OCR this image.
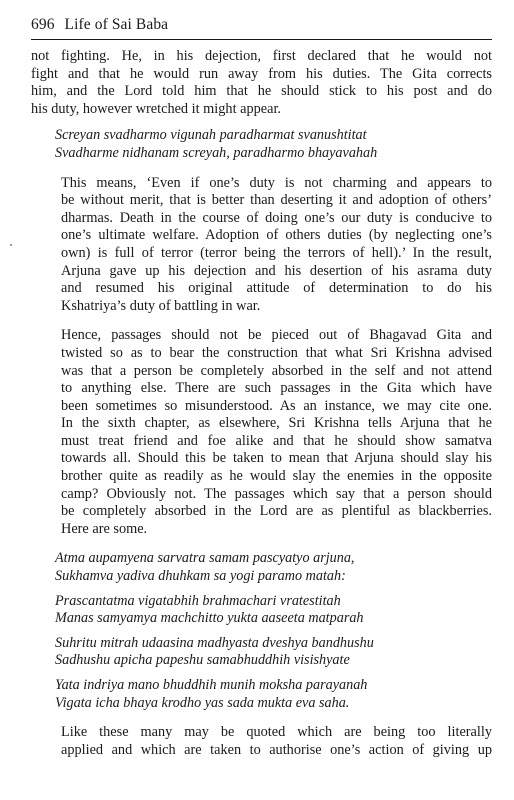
696 Life of Sai Baba

not fighting. He, in his dejection, first declared that he would not
fight and that he would run away from his duties. The Gita corrects
him, and the Lord told him that he should stick to his post and do
his duty, however wretched it might appear.

Screyan svadharmo vigunah paradharmat svanushtitat
Svadharme nidhanam screyah, paradharmo bhayavahah

This means, ‘Even if one’s duty is not charming and appears to
be without merit, that is better than deserting it and adoption of others’
dharmas. Death in the course of doing one’s our duty is conducive to
one’s ultimate welfare. Adoption of others duties (by neglecting one’s
own) is full of terror (terror being the terrors of hell).’ In the result,
Arjuna gave up his dejection and his desertion of his asrama duty
and resumed his original attitude of determination to do his
Kshatriya’s duty of battling in war.

Hence, passages should not be pieced out of Bhagavad Gita and
twisted so as to bear the construction that what Sri Krishna advised
was that a person be completely absorbed in the self and not attend
to anything else. There are such passages in the Gita which have
been sometimes so misunderstood. As an instance, we may cite one.
In the sixth chapter, as elsewhere, Sri Krishna tells Arjuna that he
must treat friend and foe alike and that he should show samatva
towards all. Should this be taken to mean that Arjuna should slay his
brother quite as readily as he would slay the enemies in the opposite
camp? Obviously not. The passages which say that a person should
be completely absorbed in the Lord are as plentiful as blackberries.
Here are some.

Atma aupamyena sarvatra samam pascyatyo arjuna,
Sukhamva yadiva dhuhkam sa yogi paramo matah:
Prascantatma vigatabhih brahmachari vratestitah
Manas samyamya machchitto yukta aaseeta matparah
Suhritu mitrah udaasina madhyasta dveshya bandhushu
Sadhushu apicha papeshu samabhuddhih visishyate
Yata indriya mano bhuddhih munih moksha parayanah
Vigata icha bhaya krodho yas sada mukta eva saha.

Like these many may be quoted which are being too literally
applied and which are taken to authorise one’s action of giving up
